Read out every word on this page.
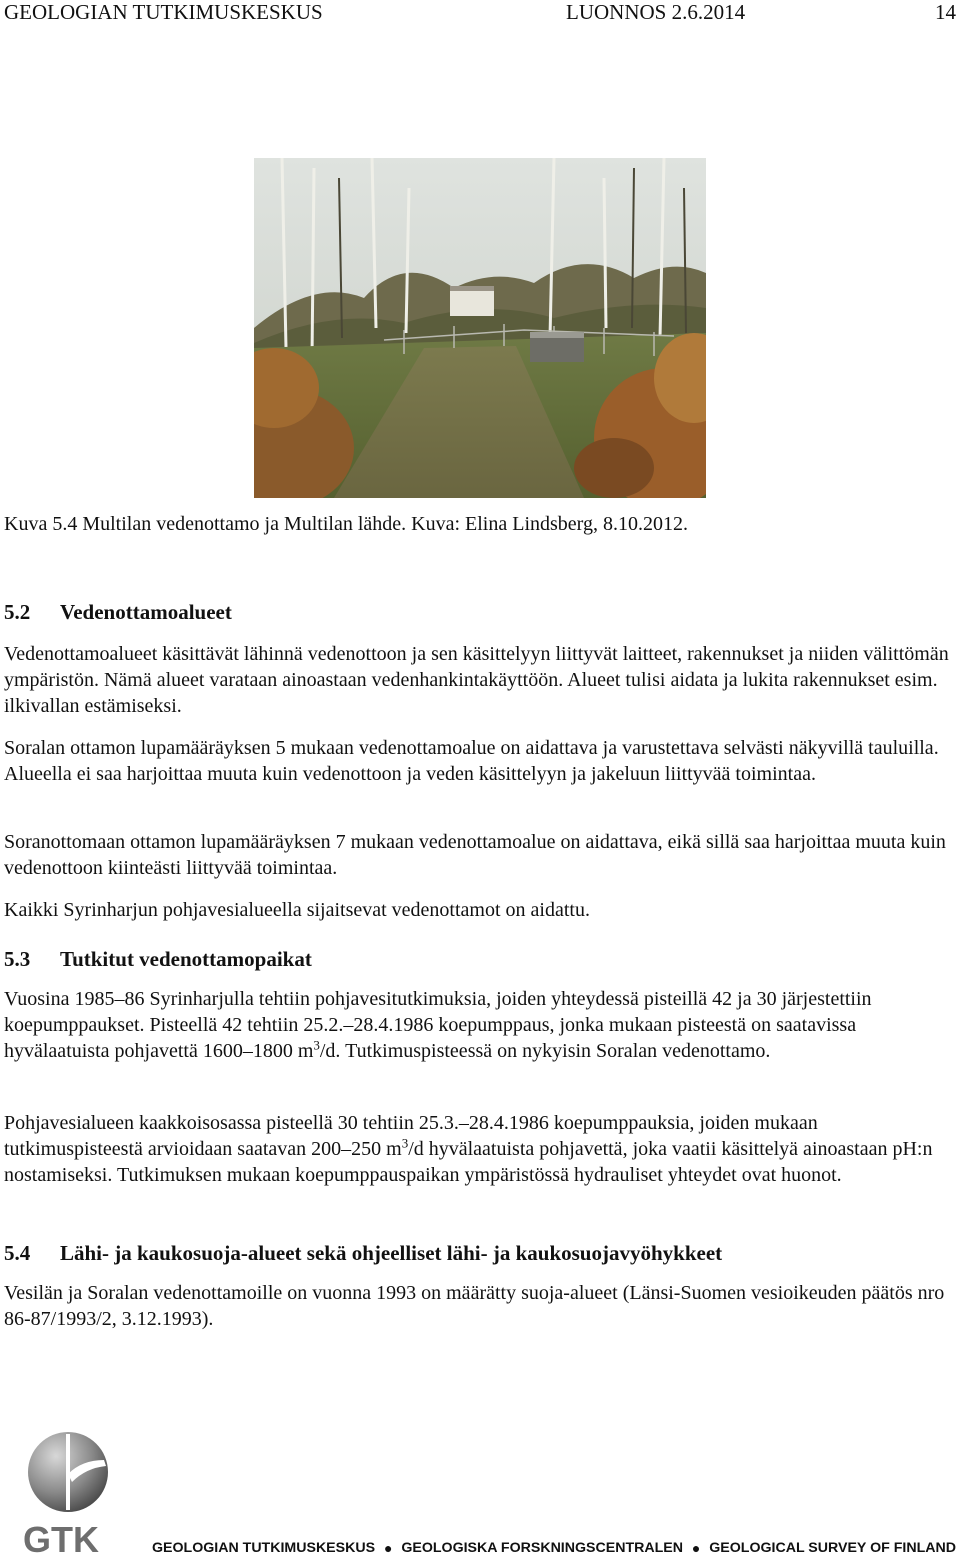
GEOLOGIAN TUTKIMUSKESKUS	LUONNOS 2.6.2014	14
Kuva 5.4 Multilan vedenottamo ja Multilan lähde. Kuva: Elina Lindsberg, 8.10.2012.
5.2 Vedenottamoalueet
Vedenottamoalueet käsittävät lähinnä vedenottoon ja sen käsittelyyn liittyvät laitteet, rakennukset ja niiden välittömän ympäristön. Nämä alueet varataan ainoastaan vedenhankintakäyttöön. Alueet tulisi aidata ja lukita rakennukset esim. ilkivallan estämiseksi.
Soralan ottamon lupamääräyksen 5 mukaan vedenottamoalue on aidattava ja varustettava selvästi näkyvillä tauluilla. Alueella ei saa harjoittaa muuta kuin vedenottoon ja veden käsittelyyn ja jakeluun liittyvää toimintaa.
Soranottomaan ottamon lupamääräyksen 7 mukaan vedenottamoalue on aidattava, eikä sillä saa harjoittaa muuta kuin vedenottoon kiinteästi liittyvää toimintaa.
Kaikki Syrinharjun pohjavesialueella sijaitsevat vedenottamot on aidattu.
5.3 Tutkitut vedenottamopaikat
Vuosina 1985–86 Syrinharjulla tehtiin pohjavesitutkimuksia, joiden yhteydessä pisteillä 42 ja 30 järjestettiin koepumppaukset. Pisteellä 42 tehtiin 25.2.–28.4.1986 koepumppaus, jonka mukaan pisteestä on saatavissa hyvälaatuista pohjavettä 1600–1800 $m^3/d$. Tutkimuspisteessä on nykyisin Soralan vedenottamo.
Pohjavesialueen kaakkoisosassa pisteellä 30 tehtiin 25.3.–28.4.1986 koepumppauksia, joiden mukaan tutkimuspisteestä arvioidaan saatavan 200–250 $m^3/d$ hyvälaatuista pohjavettä, joka vaatii käsittelyä ainoastaan pH:n nostamiseksi. Tutkimuksen mukaan koepumppauspaikan ympäristössä hydrauliset yhteydet ovat huonot.
5.4 Lähi- ja kaukosuoja-alueet sekä ohjeelliset lähi- ja kaukosuojavyöhykkeet
Vesilän ja Soralan vedenottamoille on vuonna 1993 on määrätty suoja-alueet (Länsi-Suomen vesioikeuden päätös nro 86-87/1993/2, 3.12.1993).
GTK	GEOLOGIAN TUTKIMUSKESKUS ● GEOLOGISKA FORSKNINGSCENTRALEN ● GEOLOGICAL SURVEY OF FINLAND
